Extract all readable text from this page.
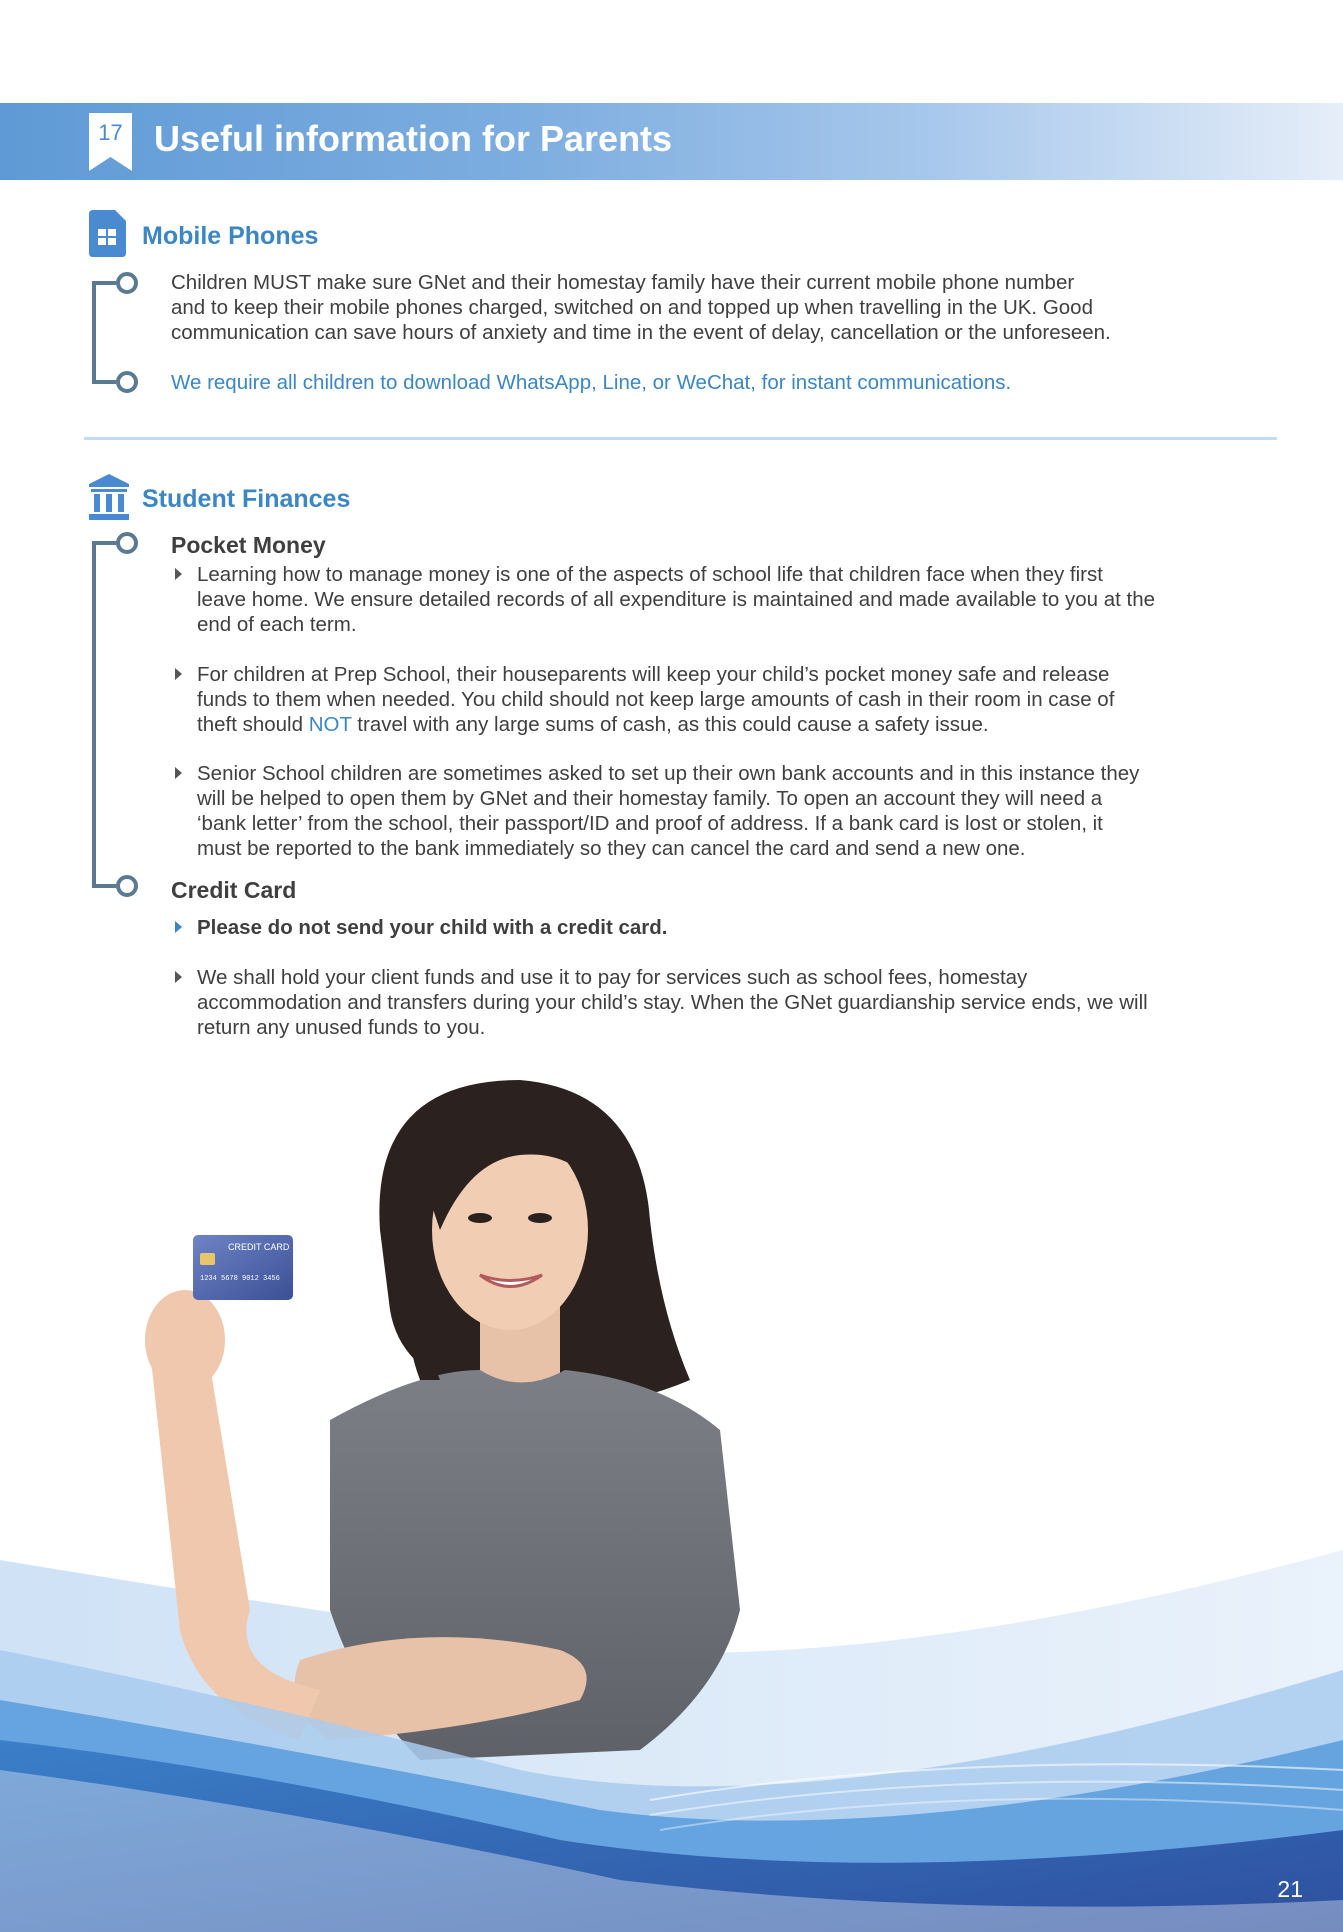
17 Useful information for Parents
Mobile Phones
Children MUST make sure GNet and their homestay family have their current mobile phone number
and to keep their mobile phones charged, switched on and topped up when travelling in the UK. Good
communication can save hours of anxiety and time in the event of delay, cancellation or the unforeseen.
We require all children to download WhatsApp, Line, or WeChat, for instant communications.
Student Finances
Pocket Money
Learning how to manage money is one of the aspects of school life that children face when they first
leave home. We ensure detailed records of all expenditure is maintained and made available to you at the
end of each term.
For children at Prep School, their houseparents will keep your child’s pocket money safe and release
funds to them when needed. You child should not keep large amounts of cash in their room in case of
theft should NOT travel with any large sums of cash, as this could cause a safety issue.
Senior School children are sometimes asked to set up their own bank accounts and in this instance they
will be helped to open them by GNet and their homestay family. To open an account they will need a
‘bank letter’ from the school, their passport/ID and proof of address. If a bank card is lost or stolen, it
must be reported to the bank immediately so they can cancel the card and send a new one.
Credit Card
Please do not send your child with a credit card.
We shall hold your client funds and use it to pay for services such as school fees, homestay
accommodation and transfers during your child’s stay. When the GNet guardianship service ends, we will
return any unused funds to you.
CREDIT CARD
1234 5678 9012 3456
21
